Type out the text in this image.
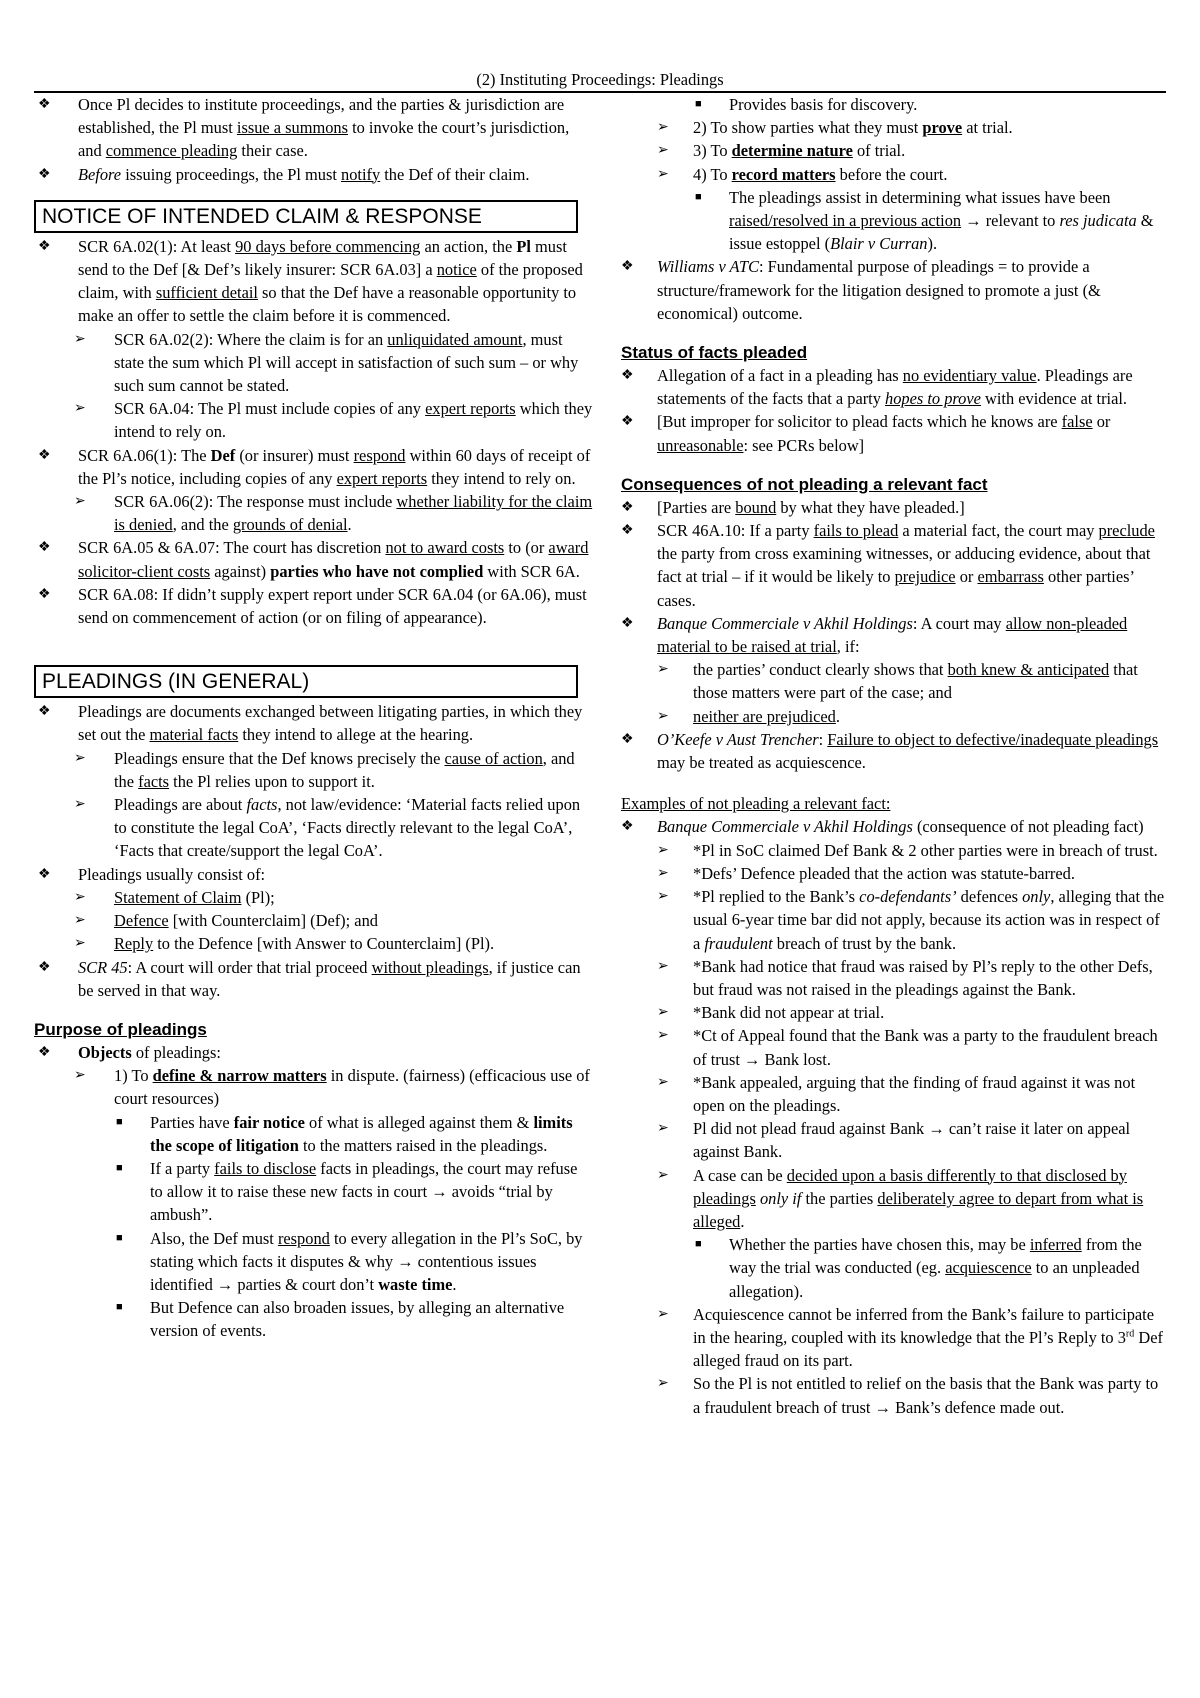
(2) Instituting Proceedings: Pleadings
❖ Once Pl decides to institute proceedings, and the parties & jurisdiction are established, the Pl must issue a summons to invoke the court’s jurisdiction, and commence pleading their case.
❖ Before issuing proceedings, the Pl must notify the Def of their claim.
NOTICE OF INTENDED CLAIM & RESPONSE
❖ SCR 6A.02(1): At least 90 days before commencing an action, the Pl must send to the Def [& Def’s likely insurer: SCR 6A.03] a notice of the proposed claim, with sufficient detail so that the Def have a reasonable opportunity to make an offer to settle the claim before it is commenced.
➢ SCR 6A.02(2): Where the claim is for an unliquidated amount, must state the sum which Pl will accept in satisfaction of such sum – or why such sum cannot be stated.
➢ SCR 6A.04: The Pl must include copies of any expert reports which they intend to rely on.
❖ SCR 6A.06(1): The Def (or insurer) must respond within 60 days of receipt of the Pl’s notice, including copies of any expert reports they intend to rely on.
➢ SCR 6A.06(2): The response must include whether liability for the claim is denied, and the grounds of denial.
❖ SCR 6A.05 & 6A.07: The court has discretion not to award costs to (or award solicitor-client costs against) parties who have not complied with SCR 6A.
❖ SCR 6A.08: If didn’t supply expert report under SCR 6A.04 (or 6A.06), must send on commencement of action (or on filing of appearance).
PLEADINGS (IN GENERAL)
❖ Pleadings are documents exchanged between litigating parties, in which they set out the material facts they intend to allege at the hearing.
➢ Pleadings ensure that the Def knows precisely the cause of action, and the facts the Pl relies upon to support it.
➢ Pleadings are about facts, not law/evidence: ‘Material facts relied upon to constitute the legal CoA’, ‘Facts directly relevant to the legal CoA’, ‘Facts that create/support the legal CoA’.
❖ Pleadings usually consist of:
➢ Statement of Claim (Pl);
➢ Defence [with Counterclaim] (Def); and
➢ Reply to the Defence [with Answer to Counterclaim] (Pl).
❖ SCR 45: A court will order that trial proceed without pleadings, if justice can be served in that way.
Purpose of pleadings
❖ Objects of pleadings:
➢ 1) To define & narrow matters in dispute. (fairness) (efficacious use of court resources)
■ Parties have fair notice of what is alleged against them & limits the scope of litigation to the matters raised in the pleadings.
■ If a party fails to disclose facts in pleadings, the court may refuse to allow it to raise these new facts in court → avoids “trial by ambush”.
■ Also, the Def must respond to every allegation in the Pl’s SoC, by stating which facts it disputes & why → contentious issues identified → parties & court don’t waste time.
■ But Defence can also broaden issues, by alleging an alternative version of events.
■ Provides basis for discovery.
➢ 2) To show parties what they must prove at trial.
➢ 3) To determine nature of trial.
➢ 4) To record matters before the court.
■ The pleadings assist in determining what issues have been raised/resolved in a previous action → relevant to res judicata & issue estoppel (Blair v Curran).
❖ Williams v ATC: Fundamental purpose of pleadings = to provide a structure/framework for the litigation designed to promote a just (& economical) outcome.
Status of facts pleaded
❖ Allegation of a fact in a pleading has no evidentiary value. Pleadings are statements of the facts that a party hopes to prove with evidence at trial.
❖ [But improper for solicitor to plead facts which he knows are false or unreasonable: see PCRs below]
Consequences of not pleading a relevant fact
❖ [Parties are bound by what they have pleaded.]
❖ SCR 46A.10: If a party fails to plead a material fact, the court may preclude the party from cross examining witnesses, or adducing evidence, about that fact at trial – if it would be likely to prejudice or embarrass other parties’ cases.
❖ Banque Commerciale v Akhil Holdings: A court may allow non-pleaded material to be raised at trial, if:
➢ the parties’ conduct clearly shows that both knew & anticipated that those matters were part of the case; and
➢ neither are prejudiced.
❖ O’Keefe v Aust Trencher: Failure to object to defective/inadequate pleadings may be treated as acquiescence.
Examples of not pleading a relevant fact:
❖ Banque Commerciale v Akhil Holdings (consequence of not pleading fact)
➢ *Pl in SoC claimed Def Bank & 2 other parties were in breach of trust.
➢ *Defs’ Defence pleaded that the action was statute-barred.
➢ *Pl replied to the Bank’s co-defendants’ defences only, alleging that the usual 6-year time bar did not apply, because its action was in respect of a fraudulent breach of trust by the bank.
➢ *Bank had notice that fraud was raised by Pl’s reply to the other Defs, but fraud was not raised in the pleadings against the Bank.
➢ *Bank did not appear at trial.
➢ *Ct of Appeal found that the Bank was a party to the fraudulent breach of trust → Bank lost.
➢ *Bank appealed, arguing that the finding of fraud against it was not open on the pleadings.
➢ Pl did not plead fraud against Bank → can’t raise it later on appeal against Bank.
➢ A case can be decided upon a basis differently to that disclosed by pleadings only if the parties deliberately agree to depart from what is alleged.
■ Whether the parties have chosen this, may be inferred from the way the trial was conducted (eg. acquiescence to an unpleaded allegation).
➢ Acquiescence cannot be inferred from the Bank’s failure to participate in the hearing, coupled with its knowledge that the Pl’s Reply to 3rd Def alleged fraud on its part.
➢ So the Pl is not entitled to relief on the basis that the Bank was party to a fraudulent breach of trust → Bank’s defence made out.
